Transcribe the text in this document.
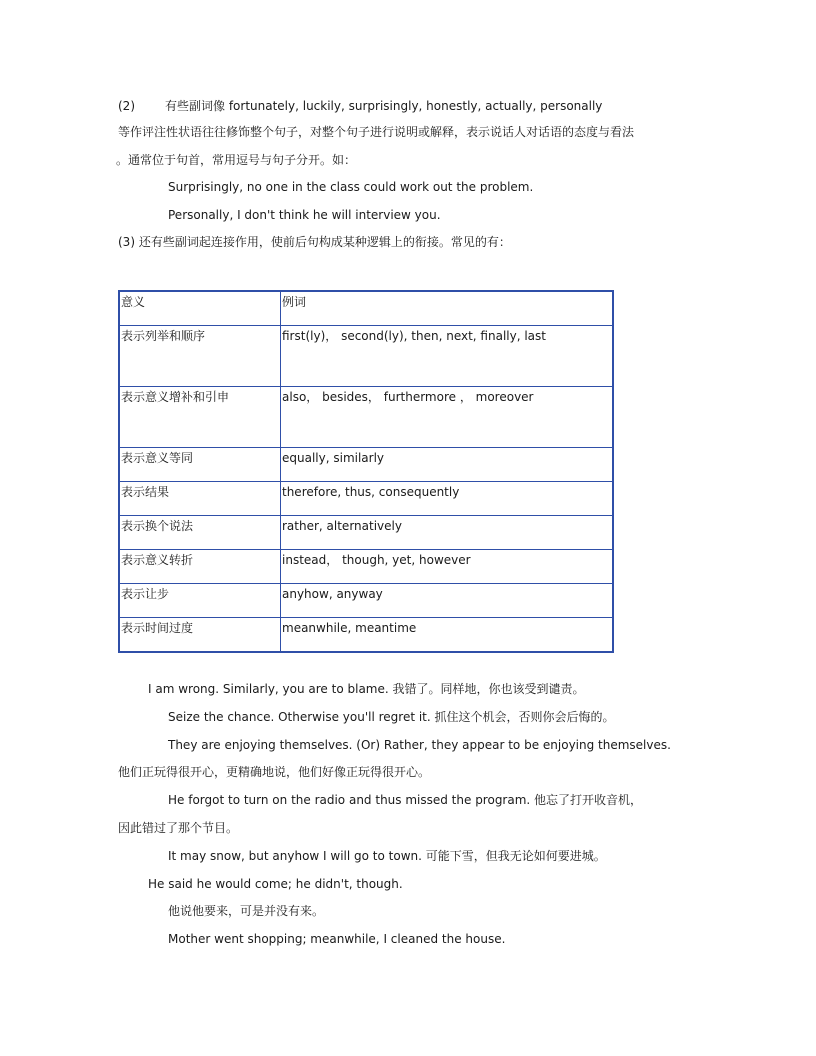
(2)	有些副词像 fortunately, luckily, surprisingly, honestly, actually, personally
等作评注性状语往往修饰整个句子，对整个句子进行说明或解释，表示说话人对话语的态度与看法
。通常位于句首，常用逗号与句子分开。如：
Surprisingly, no one in the class could work out the problem.
Personally, I don't think he will interview you.
(3) 还有些副词起连接作用，使前后句构成某种逻辑上的衔接。常见的有：
意义	例词
表示列举和顺序	first(ly)， second(ly), then, next, finally, last
表示意义增补和引申	also， besides， furthermore ， moreover
表示意义等同	equally, similarly
表示结果	therefore, thus, consequently
表示换个说法	rather, alternatively
表示意义转折	instead， though, yet, however
表示让步	anyhow, anyway
表示时间过度	meanwhile, meantime
I am wrong. Similarly, you are to blame. 我错了。同样地，你也该受到谴责。
Seize the chance. Otherwise you'll regret it. 抓住这个机会，否则你会后悔的。
They are enjoying themselves. (Or) Rather, they appear to be enjoying themselves.
他们正玩得很开心，更精确地说，他们好像正玩得很开心。
He forgot to turn on the radio and thus missed the program. 他忘了打开收音机，
因此错过了那个节目。
It may snow, but anyhow I will go to town. 可能下雪，但我无论如何要进城。
He said he would come; he didn't, though.
他说他要来，可是并没有来。
Mother went shopping; meanwhile, I cleaned the house.
